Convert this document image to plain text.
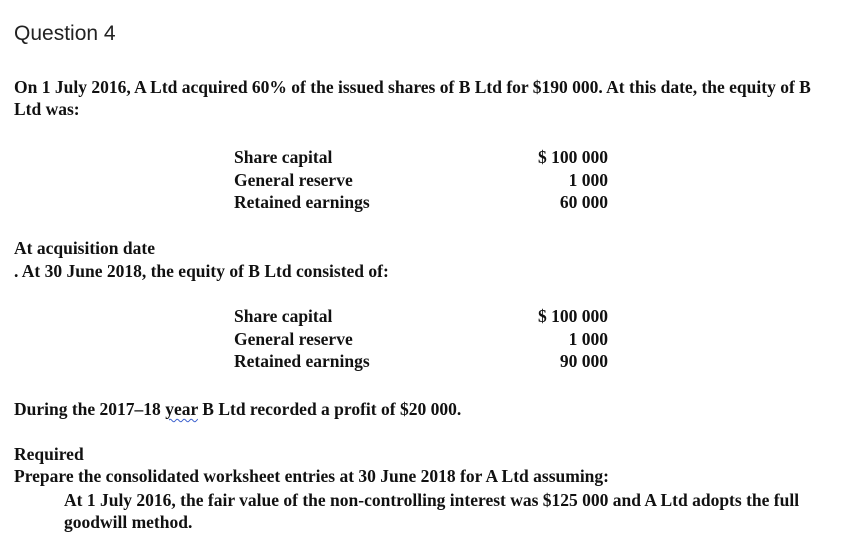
Question 4
On 1 July 2016, A Ltd acquired 60% of the issued shares of B Ltd for $190 000. At this date, the equity of B Ltd was:
Share capital	$ 100 000
General reserve	1 000
Retained earnings	60 000
At acquisition date
. At 30 June 2018, the equity of B Ltd consisted of:
Share capital	$ 100 000
General reserve	1 000
Retained earnings	90 000
During the 2017–18 year B Ltd recorded a profit of $20 000.
Required
Prepare the consolidated worksheet entries at 30 June 2018 for A Ltd assuming:
At 1 July 2016, the fair value of the non-controlling interest was $125 000 and A Ltd adopts the full goodwill method.
